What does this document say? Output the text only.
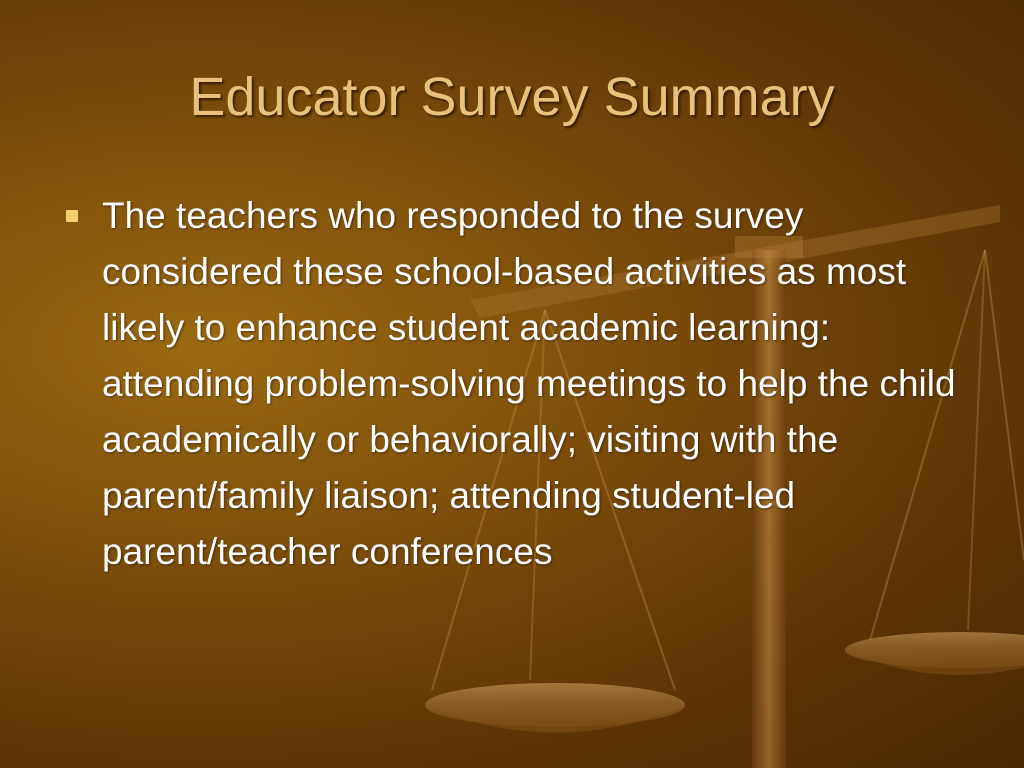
Educator Survey Summary
The teachers who responded to the survey considered these school-based activities as most likely to enhance student academic learning: attending problem-solving meetings to help the child academically or behaviorally; visiting with the parent/family liaison; attending student-led parent/teacher conferences
